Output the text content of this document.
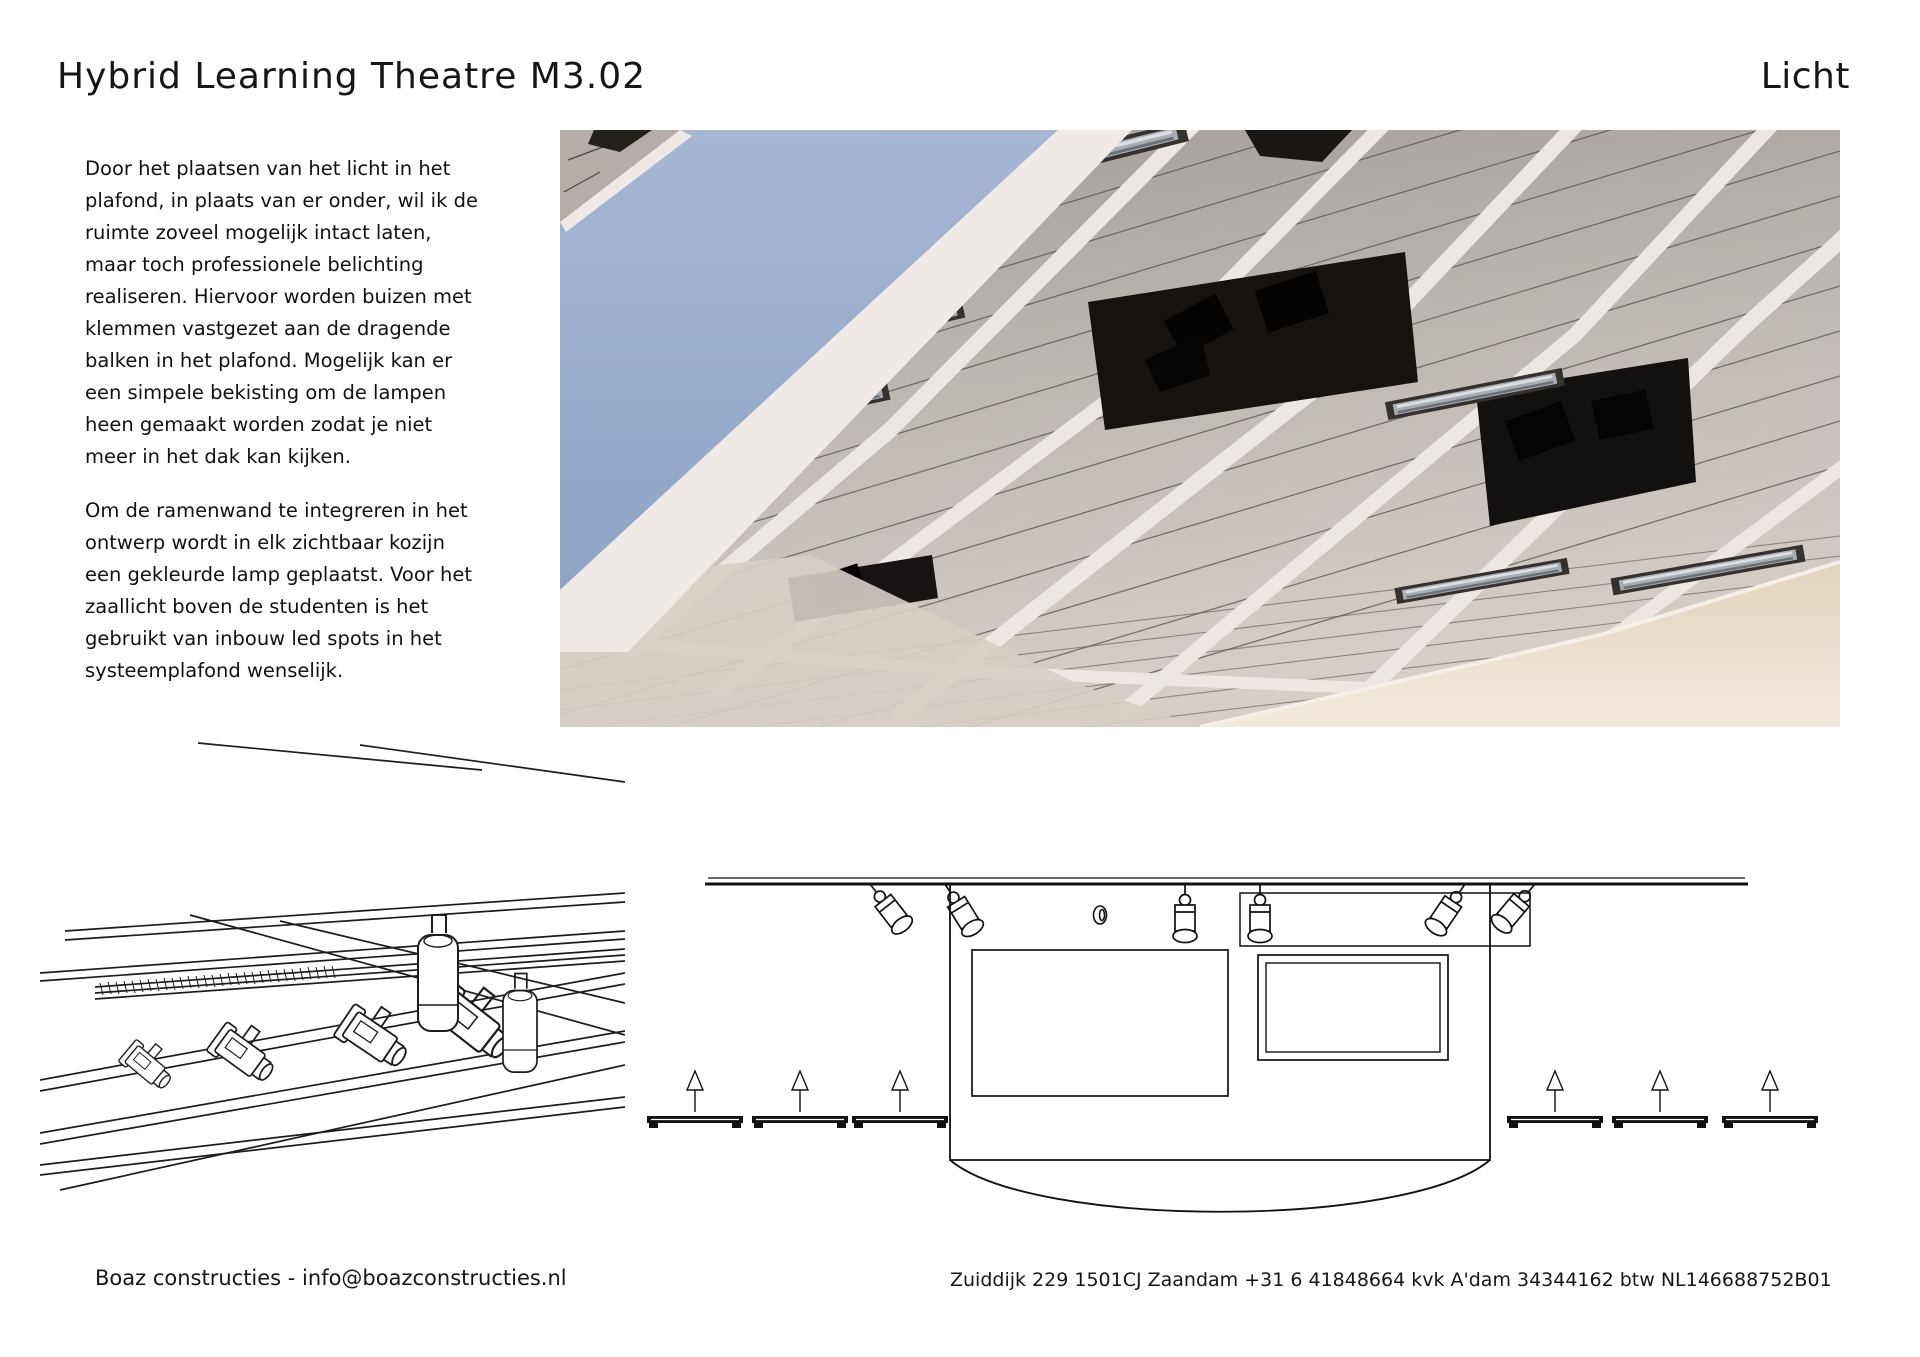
Hybrid Learning Theatre M3.02	Licht

Door het plaatsen van het licht in het plafond, in plaats van er onder, wil ik de ruimte zoveel mogelijk intact laten, maar toch professionele belichting realiseren. Hiervoor worden buizen met klemmen vastgezet aan de dragende balken in het plafond. Mogelijk kan er een simpele bekisting om de lampen heen gemaakt worden zodat je niet meer in het dak kan kijken.

Om de ramenwand te integreren in het ontwerp wordt in elk zichtbaar kozijn een gekleurde lamp geplaatst. Voor het zaallicht boven de studenten is het gebruikt van inbouw led spots in het systeemplafond wenselijk.

Boaz constructies - info@boazconstructies.nl	Zuiddijk 229 1501CJ Zaandam +31 6 41848664 kvk A'dam 34344162 btw NL146688752B01
